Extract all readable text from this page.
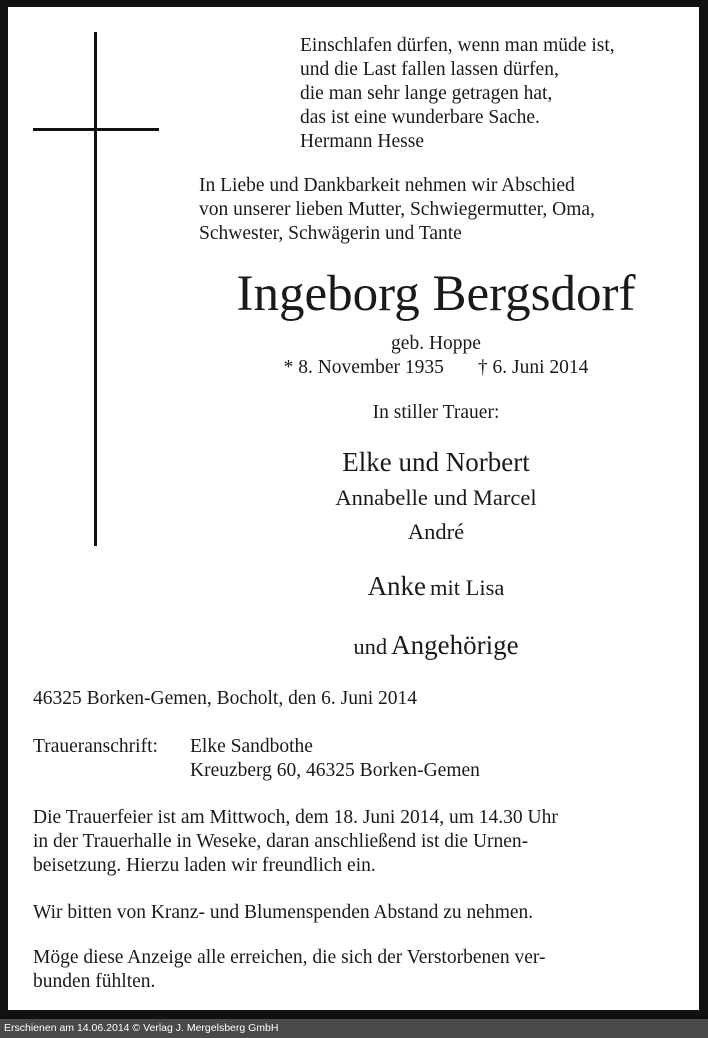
Einschlafen dürfen, wenn man müde ist,
und die Last fallen lassen dürfen,
die man sehr lange getragen hat,
das ist eine wunderbare Sache.
Hermann Hesse
In Liebe und Dankbarkeit nehmen wir Abschied
von unserer lieben Mutter, Schwiegermutter, Oma,
Schwester, Schwägerin und Tante
Ingeborg Bergsdorf
geb. Hoppe
* 8. November 1935 † 6. Juni 2014
In stiller Trauer:
Elke und Norbert
Annabelle und Marcel
André
Anke mit Lisa
und Angehörige
46325 Borken-Gemen, Bocholt, den 6. Juni 2014
Traueranschrift: Elke Sandbothe
Kreuzberg 60, 46325 Borken-Gemen
Die Trauerfeier ist am Mittwoch, dem 18. Juni 2014, um 14.30 Uhr
in der Trauerhalle in Weseke, daran anschließend ist die Urnen-
beisetzung. Hierzu laden wir freundlich ein.
Wir bitten von Kranz- und Blumenspenden Abstand zu nehmen.
Möge diese Anzeige alle erreichen, die sich der Verstorbenen ver-
bunden fühlten.
Erschienen am 14.06.2014 © Verlag J. Mergelsberg GmbH
